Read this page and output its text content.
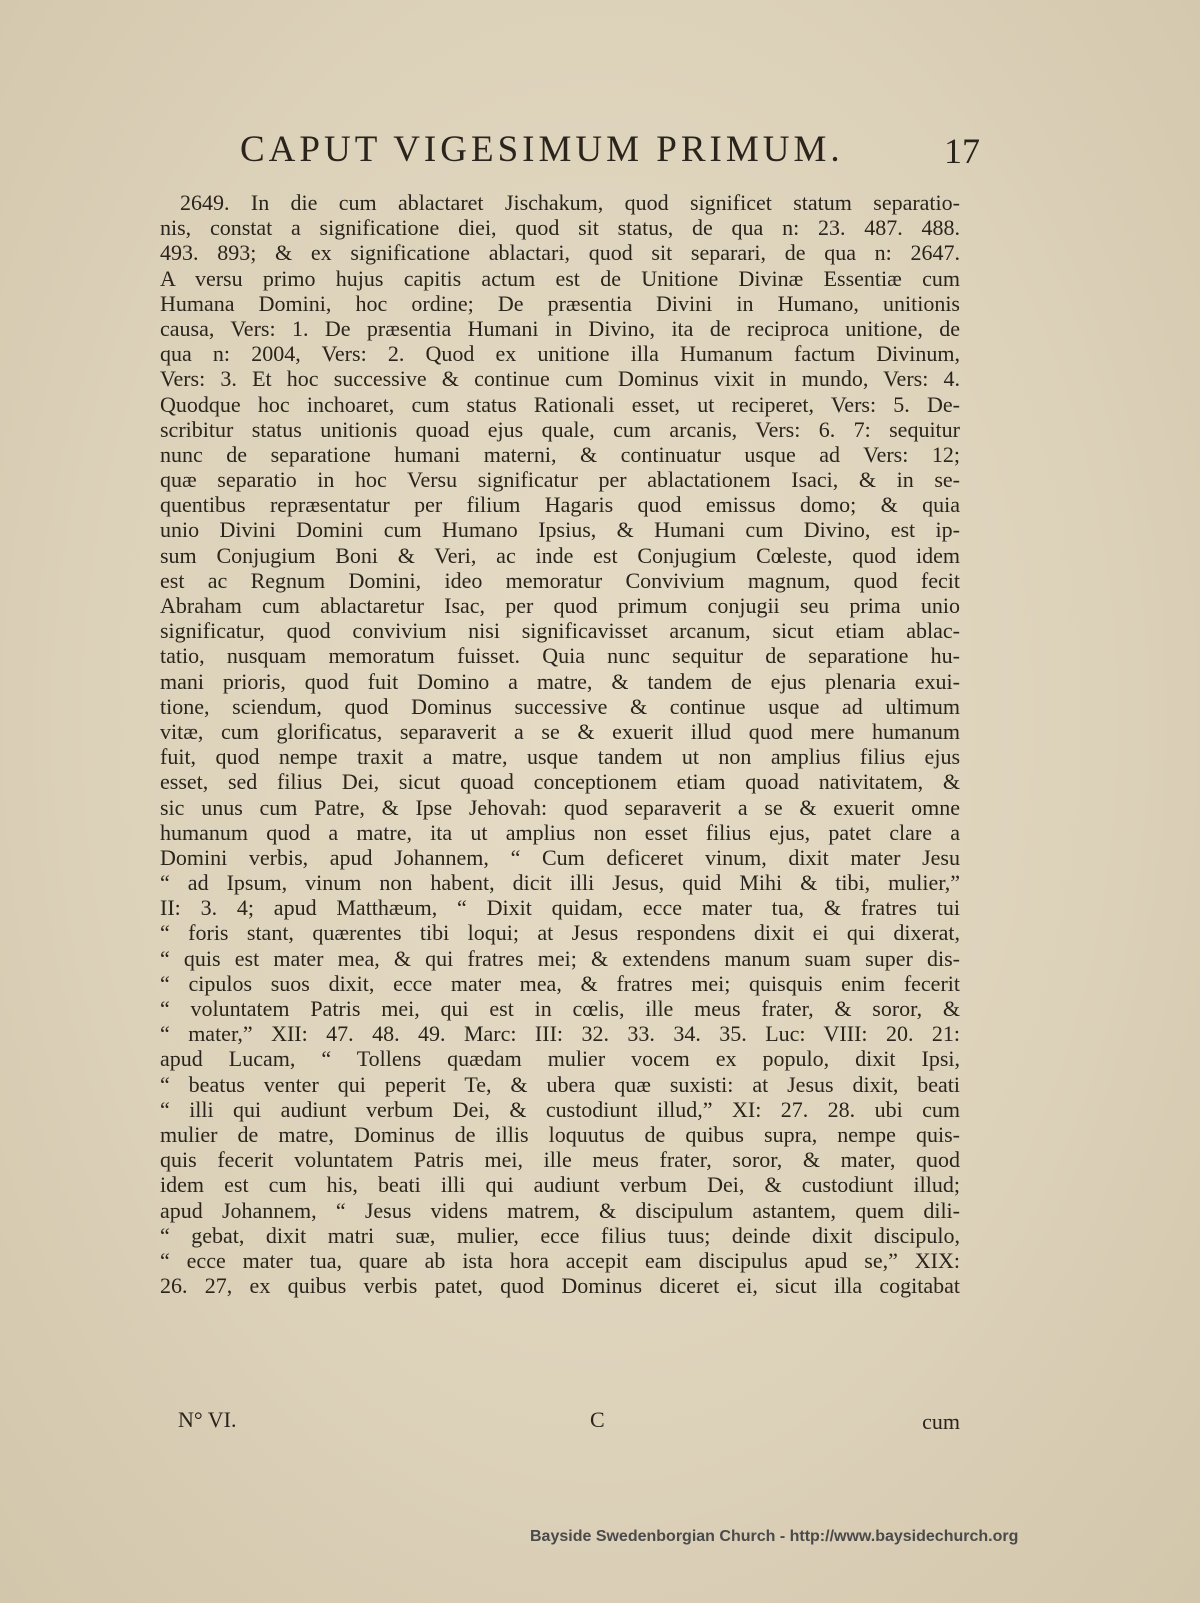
CAPUT VIGESIMUM PRIMUM.	17
2649. In die cum ablactaret Jischakum, quod significet statum separatio-
nis, constat a significatione diei, quod sit status, de qua n: 23. 487. 488.
493. 893; & ex significatione ablactari, quod sit separari, de qua n: 2647.
A versu primo hujus capitis actum est de Unitione Divinæ Essentiæ cum
Humana Domini, hoc ordine; De præsentia Divini in Humano, unitionis
causa, Vers: 1. De præsentia Humani in Divino, ita de reciproca unitione, de
qua n: 2004, Vers: 2. Quod ex unitione illa Humanum factum Divinum,
Vers: 3. Et hoc successive & continue cum Dominus vixit in mundo, Vers: 4.
Quodque hoc inchoaret, cum status Rationali esset, ut reciperet, Vers: 5. De-
scribitur status unitionis quoad ejus quale, cum arcanis, Vers: 6. 7: sequitur
nunc de separatione humani materni, & continuatur usque ad Vers: 12;
quæ separatio in hoc Versu significatur per ablactationem Isaci, & in se-
quentibus repræsentatur per filium Hagaris quod emissus domo; & quia
unio Divini Domini cum Humano Ipsius, & Humani cum Divino, est ip-
sum Conjugium Boni & Veri, ac inde est Conjugium Cœleste, quod idem
est ac Regnum Domini, ideo memoratur Convivium magnum, quod fecit
Abraham cum ablactaretur Isac, per quod primum conjugii seu prima unio
significatur, quod convivium nisi significavisset arcanum, sicut etiam ablac-
tatio, nusquam memoratum fuisset. Quia nunc sequitur de separatione hu-
mani prioris, quod fuit Domino a matre, & tandem de ejus plenaria exui-
tione, sciendum, quod Dominus successive & continue usque ad ultimum
vitæ, cum glorificatus, separaverit a se & exuerit illud quod mere humanum
fuit, quod nempe traxit a matre, usque tandem ut non amplius filius ejus
esset, sed filius Dei, sicut quoad conceptionem etiam quoad nativitatem, &
sic unus cum Patre, & Ipse Jehovah: quod separaverit a se & exuerit omne
humanum quod a matre, ita ut amplius non esset filius ejus, patet clare a
Domini verbis, apud Johannem, “ Cum deficeret vinum, dixit mater Jesu
“ ad Ipsum, vinum non habent, dicit illi Jesus, quid Mihi & tibi, mulier,”
II: 3. 4; apud Matthæum, “ Dixit quidam, ecce mater tua, & fratres tui
“ foris stant, quærentes tibi loqui; at Jesus respondens dixit ei qui dixerat,
“ quis est mater mea, & qui fratres mei; & extendens manum suam super dis-
“ cipulos suos dixit, ecce mater mea, & fratres mei; quisquis enim fecerit
“ voluntatem Patris mei, qui est in cœlis, ille meus frater, & soror, &
“ mater,” XII: 47. 48. 49. Marc: III: 32. 33. 34. 35. Luc: VIII: 20. 21:
apud Lucam, “ Tollens quædam mulier vocem ex populo, dixit Ipsi,
“ beatus venter qui peperit Te, & ubera quæ suxisti: at Jesus dixit, beati
“ illi qui audiunt verbum Dei, & custodiunt illud,” XI: 27. 28. ubi cum
mulier de matre, Dominus de illis loquutus de quibus supra, nempe quis-
quis fecerit voluntatem Patris mei, ille meus frater, soror, & mater, quod
idem est cum his, beati illi qui audiunt verbum Dei, & custodiunt illud;
apud Johannem, “ Jesus videns matrem, & discipulum astantem, quem dili-
“ gebat, dixit matri suæ, mulier, ecce filius tuus; deinde dixit discipulo,
“ ecce mater tua, quare ab ista hora accepit eam discipulus apud se,” XIX:
26. 27, ex quibus verbis patet, quod Dominus diceret ei, sicut illa cogitabat
N° VI.	C	cum
Bayside Swedenborgian Church - http://www.baysidechurch.org
